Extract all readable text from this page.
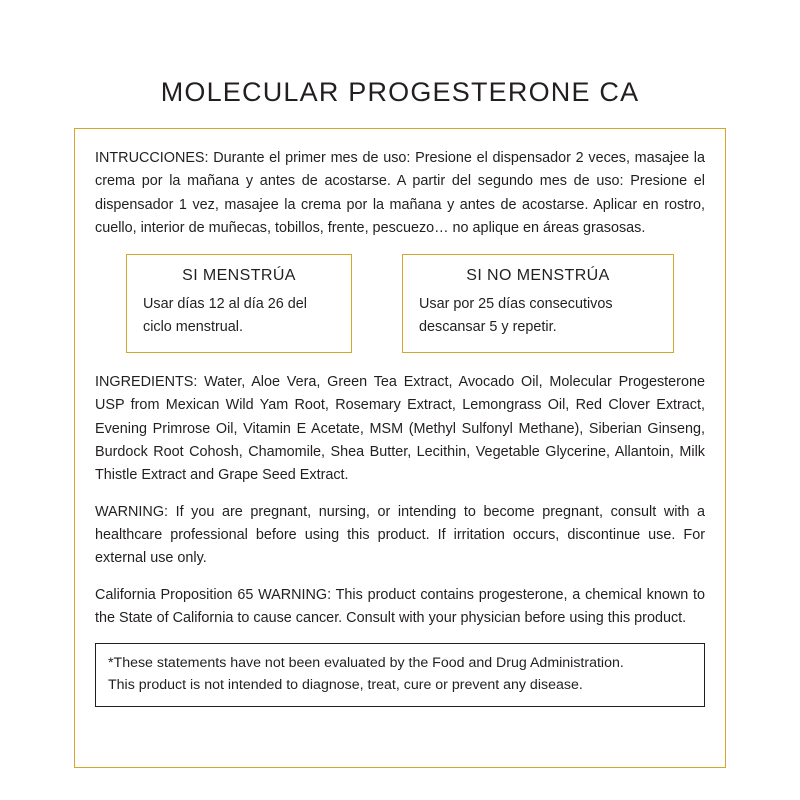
MOLECULAR PROGESTERONE CA

INTRUCCIONES: Durante el primer mes de uso: Presione el dispensador 2 veces, masajee la crema por la mañana y antes de acostarse. A partir del segundo mes de uso: Presione el dispensador 1 vez, masajee la crema por la mañana y antes de acostarse. Aplicar en rostro, cuello, interior de muñecas, tobillos, frente, pescuezo… no aplique en áreas grasosas.

SI MENSTRÚA
Usar días 12 al día 26 del ciclo menstrual.
SI NO MENSTRÚA
Usar por 25 días consecutivos descansar 5 y repetir.

INGREDIENTS: Water, Aloe Vera, Green Tea Extract, Avocado Oil, Molecular Progesterone USP from Mexican Wild Yam Root, Rosemary Extract, Lemongrass Oil, Red Clover Extract, Evening Primrose Oil, Vitamin E Acetate, MSM (Methyl Sulfonyl Methane), Siberian Ginseng, Burdock Root Cohosh, Chamomile, Shea Butter, Lecithin, Vegetable Glycerine, Allantoin, Milk Thistle Extract and Grape Seed Extract.

WARNING: If you are pregnant, nursing, or intending to become pregnant, consult with a healthcare professional before using this product. If irritation occurs, discontinue use. For external use only.

California Proposition 65 WARNING: This product contains progesterone, a chemical known to the State of California to cause cancer. Consult with your physician before using this product.

*These statements have not been evaluated by the Food and Drug Administration.

This product is not intended to diagnose, treat, cure or prevent any disease.
